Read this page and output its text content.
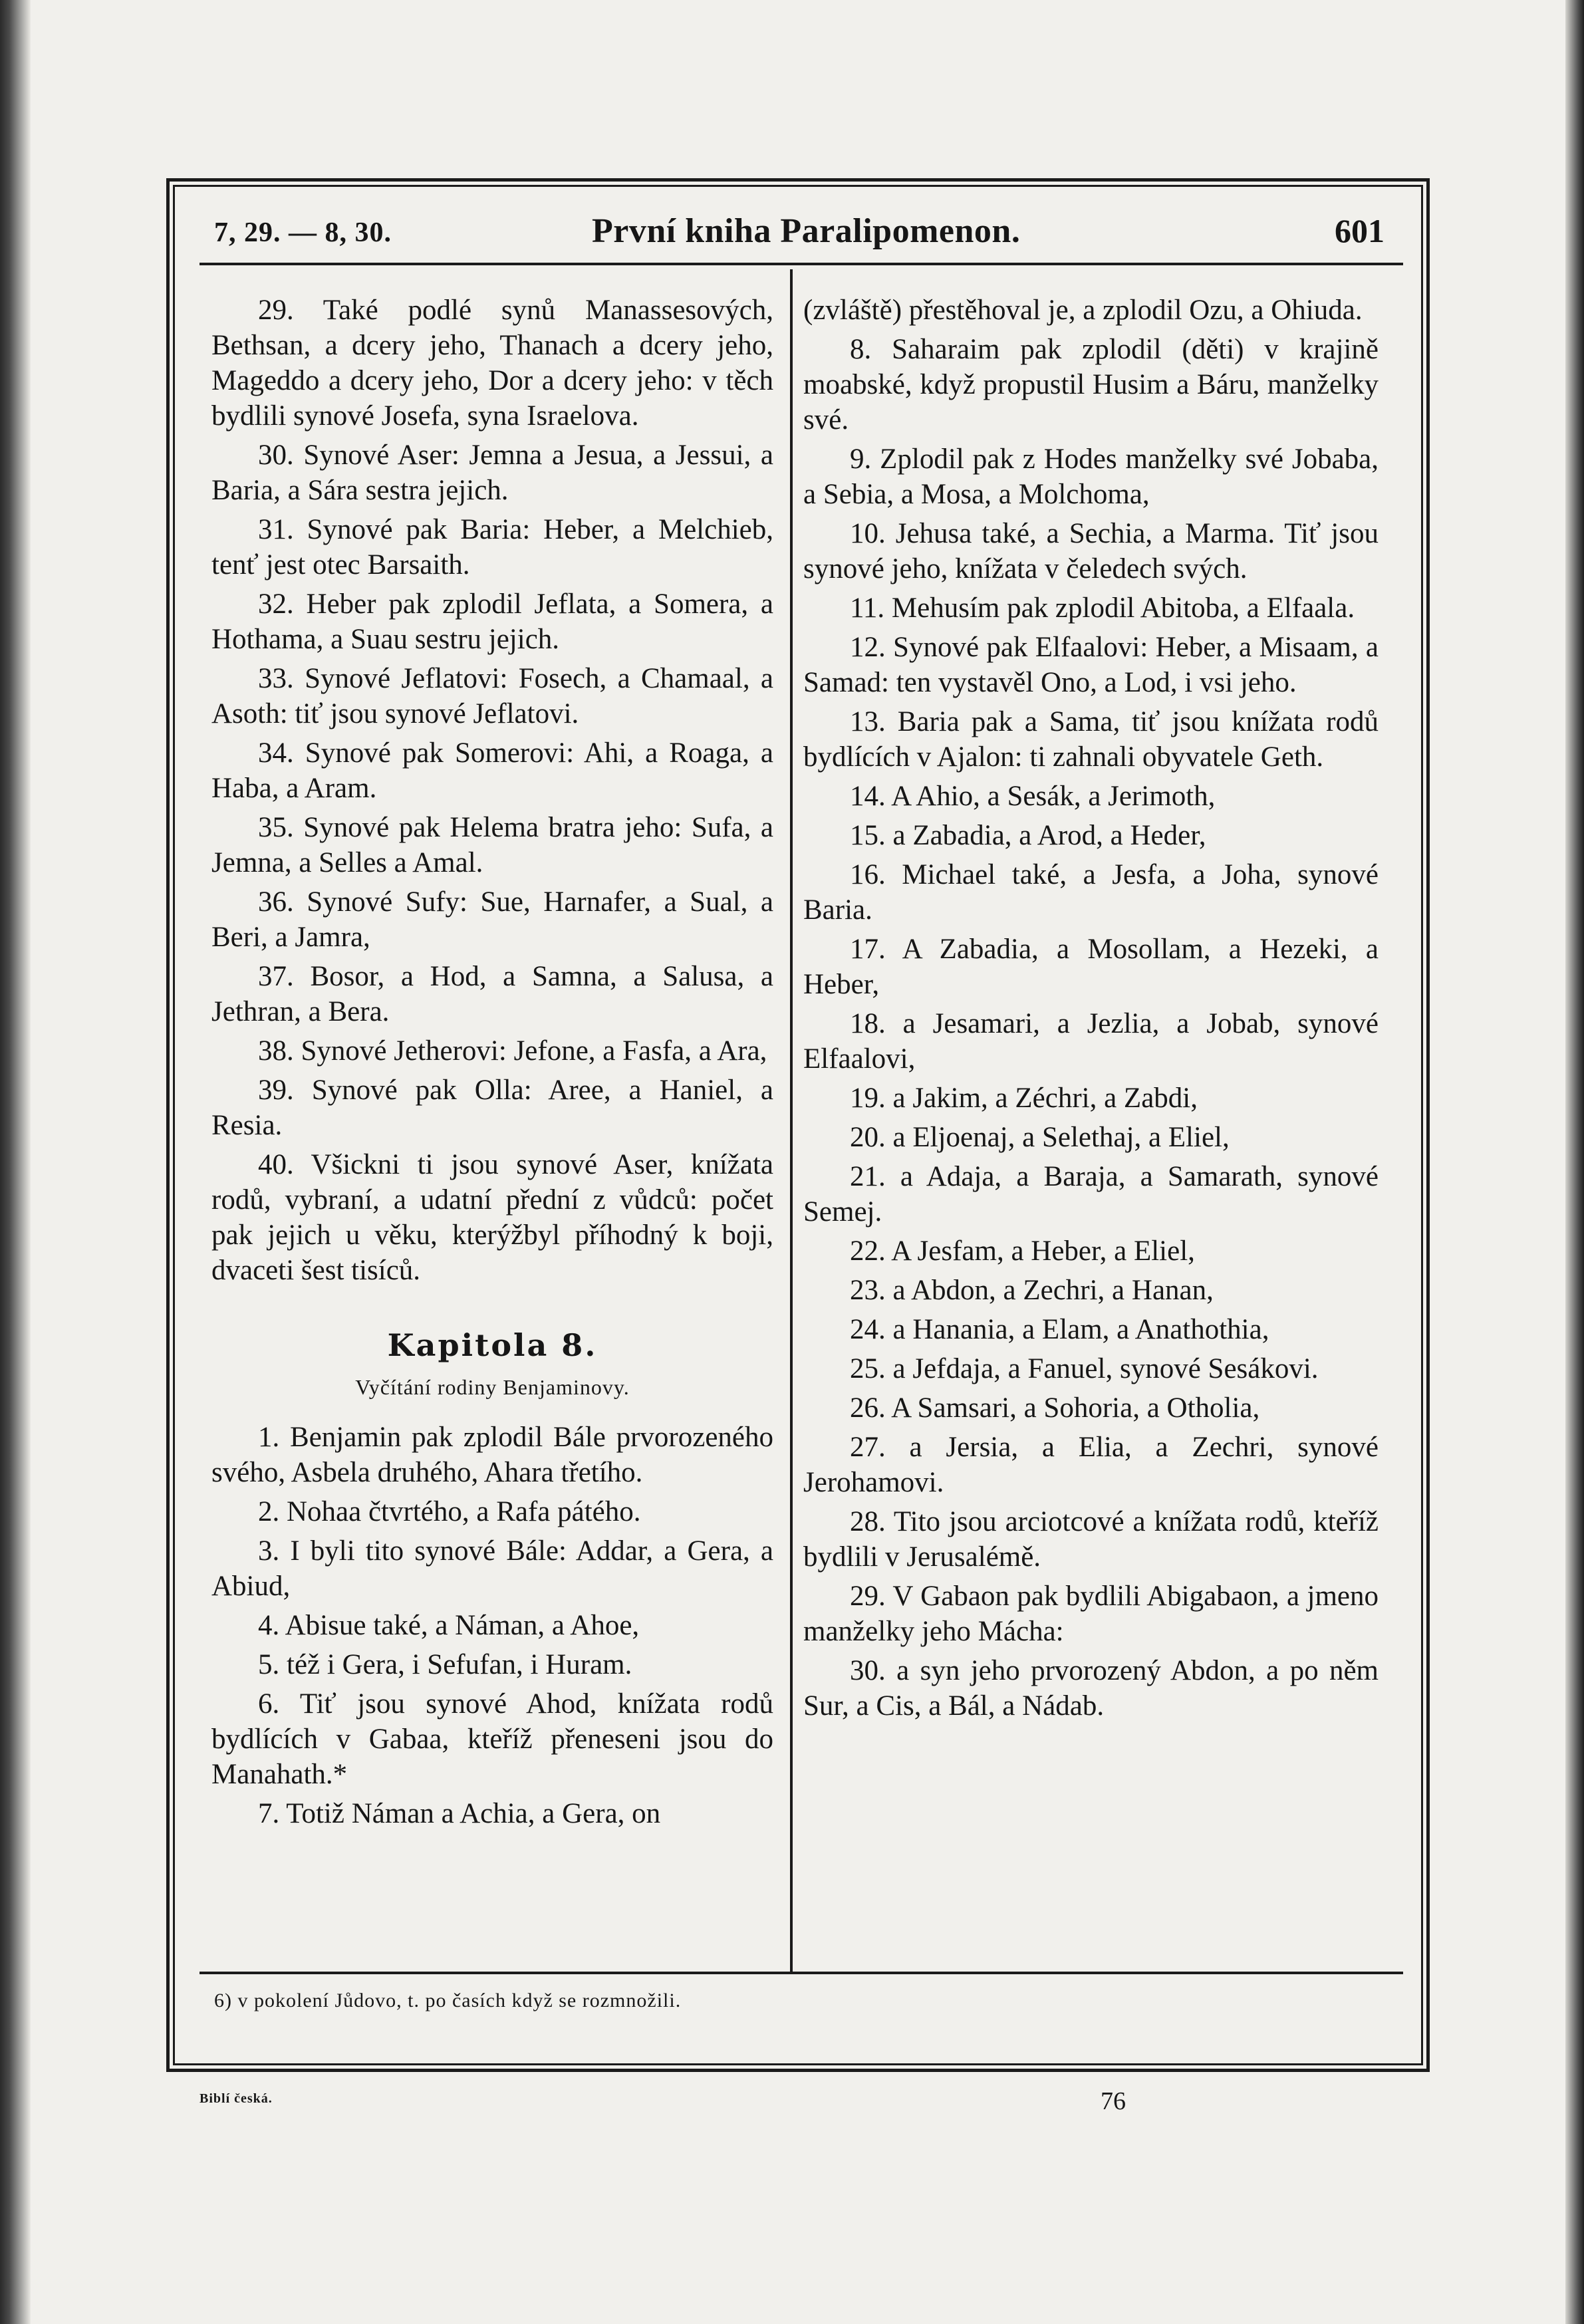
7, 29. — 8, 30.	První kniha Paralipomenon.	601

29. Také podlé synů Manassesových, Bethsan, a dcery jeho, Thanach a dcery jeho, Mageddo a dcery jeho, Dor a dcery jeho: v těch bydlili synové Josefa, syna Israelova.

30. Synové Aser: Jemna a Jesua, a Jessui, a Baria, a Sára sestra jejich.

31. Synové pak Baria: Heber, a Melchieb, tenť jest otec Barsaith.

32. Heber pak zplodil Jeflata, a Somera, a Hothama, a Suau sestru jejich.

33. Synové Jeflatovi: Fosech, a Chamaal, a Asoth: tiť jsou synové Jeflatovi.

34. Synové pak Somerovi: Ahi, a Roaga, a Haba, a Aram.

35. Synové pak Helema bratra jeho: Sufa, a Jemna, a Selles a Amal.

36. Synové Sufy: Sue, Harnafer, a Sual, a Beri, a Jamra,

37. Bosor, a Hod, a Samna, a Salusa, a Jethran, a Bera.

38. Synové Jetherovi: Jefone, a Fasfa, a Ara,

39. Synové pak Olla: Aree, a Haniel, a Resia.

40. Všickni ti jsou synové Aser, knížata rodů, vybraní, a udatní přední z vůdců: počet pak jejich u věku, kterýžbyl příhodný k boji, dvaceti šest tisíců.

Kapitola 8.
Vyčítání rodiny Benjaminovy.

1. Benjamin pak zplodil Bále prvorozeného svého, Asbela druhého, Ahara třetího.

2. Nohaa čtvrtého, a Rafa pátého.

3. I byli tito synové Bále: Addar, a Gera, a Abiud,

4. Abisue také, a Náman, a Ahoe,

5. též i Gera, i Sefufan, i Huram.

6. Tiť jsou synové Ahod, knížata rodů bydlících v Gabaa, kteříž přeneseni jsou do Manahath.*

7. Totiž Náman a Achia, a Gera, on

(zvláště) přestěhoval je, a zplodil Ozu, a Ohiuda.

8. Saharaim pak zplodil (děti) v krajině moabské, když propustil Husim a Báru, manželky své.

9. Zplodil pak z Hodes manželky své Jobaba, a Sebia, a Mosa, a Molchoma,

10. Jehusa také, a Sechia, a Marma. Tiť jsou synové jeho, knížata v čeledech svých.

11. Mehusím pak zplodil Abitoba, a Elfaala.

12. Synové pak Elfaalovi: Heber, a Misaam, a Samad: ten vystavěl Ono, a Lod, i vsi jeho.

13. Baria pak a Sama, tiť jsou knížata rodů bydlících v Ajalon: ti zahnali obyvatele Geth.

14. A Ahio, a Sesák, a Jerimoth,

15. a Zabadia, a Arod, a Heder,

16. Michael také, a Jesfa, a Joha, synové Baria.

17. A Zabadia, a Mosollam, a Hezeki, a Heber,

18. a Jesamari, a Jezlia, a Jobab, synové Elfaalovi,

19. a Jakim, a Zéchri, a Zabdi,

20. a Eljoenaj, a Selethaj, a Eliel,

21. a Adaja, a Baraja, a Samarath, synové Semej.

22. A Jesfam, a Heber, a Eliel,

23. a Abdon, a Zechri, a Hanan,

24. a Hanania, a Elam, a Anathothia,

25. a Jefdaja, a Fanuel, synové Sesákovi.

26. A Samsari, a Sohoria, a Otholia,

27. a Jersia, a Elia, a Zechri, synové Jerohamovi.

28. Tito jsou arciotcové a knížata rodů, kteříž bydlili v Jerusalémě.

29. V Gabaon pak bydlili Abigabaon, a jmeno manželky jeho Mácha:

30. a syn jeho prvorozený Abdon, a po něm Sur, a Cis, a Bál, a Nádab.

6) v pokolení Jůdovo, t. po časích když se rozmnožili.
Biblí česká.	76
